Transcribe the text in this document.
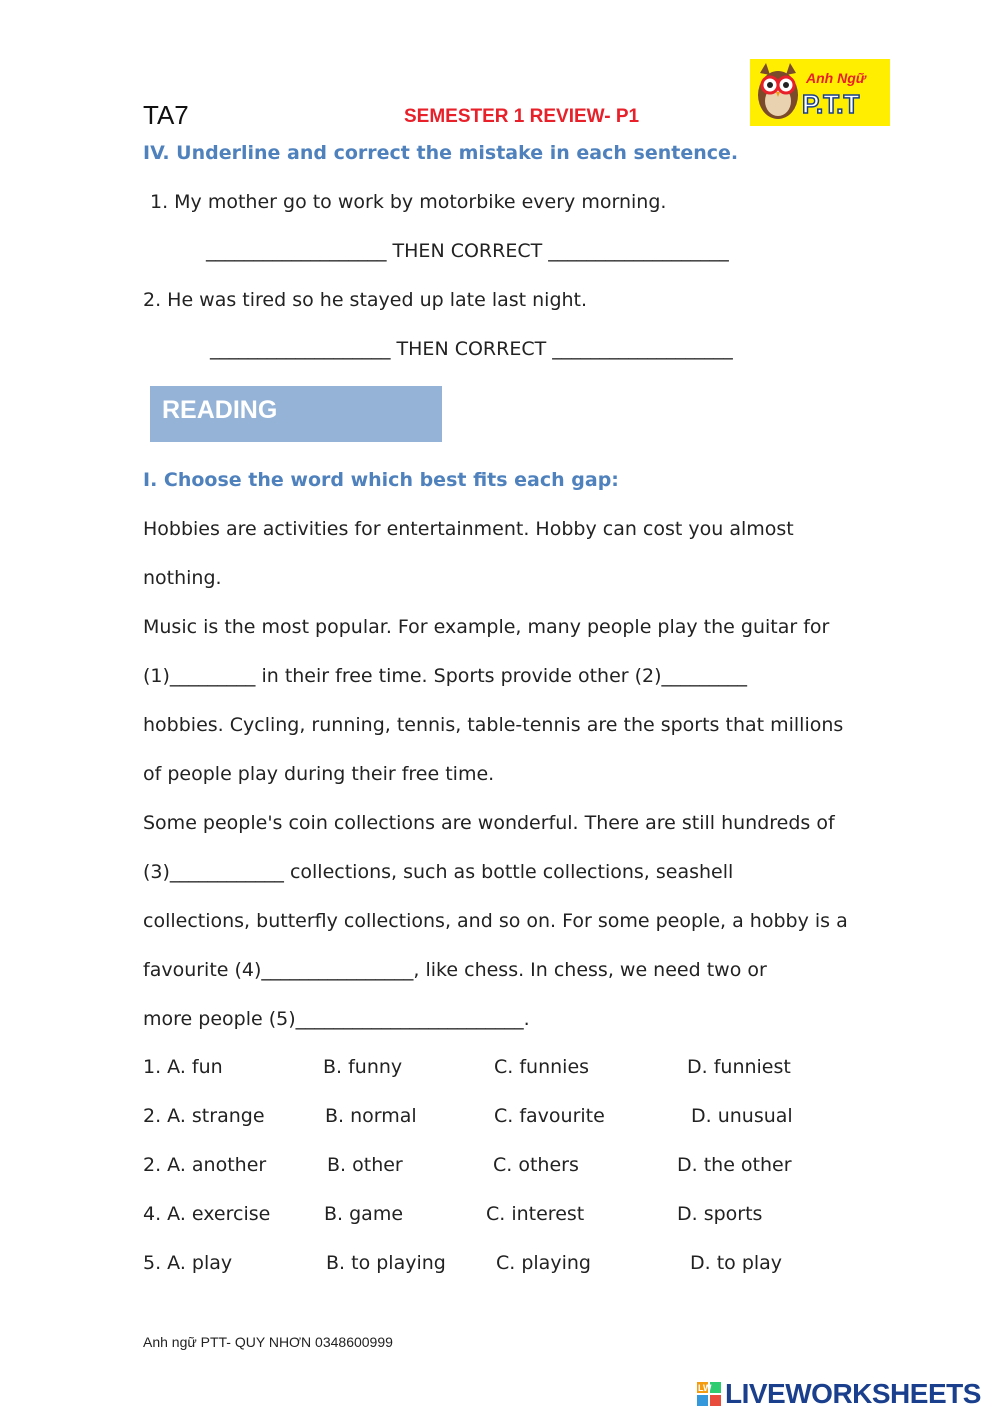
TA7	SEMESTER 1 REVIEW- P1
Anh Ngữ
P.T.T
IV. Underline and correct the mistake in each sentence.
1. My mother go to work by motorbike every morning.
___________________ THEN CORRECT ___________________
2. He was tired so he stayed up late last night.
___________________ THEN CORRECT ___________________
READING
I. Choose the word which best fits each gap:
Hobbies are activities for entertainment. Hobby can cost you almost
nothing.
Music is the most popular. For example, many people play the guitar for
(1)_________ in their free time. Sports provide other (2)_________
hobbies. Cycling, running, tennis, table-tennis are the sports that millions
of people play during their free time.
Some people's coin collections are wonderful. There are still hundreds of
(3)____________ collections, such as bottle collections, seashell
collections, butterfly collections, and so on. For some people, a hobby is a
favourite (4)________________, like chess. In chess, we need two or
more people (5)________________________.
1. A. fun	B. funny	C. funnies	D. funniest
2. A. strange	B. normal	C. favourite	D. unusual
2. A. another	B. other	C. others	D. the other
4. A. exercise	B. game	C. interest	D. sports
5. A. play	B. to playing	C. playing	D. to play
Anh ngữ PTT- QUY NHƠN 0348600999
LW LIVEWORKSHEETS
